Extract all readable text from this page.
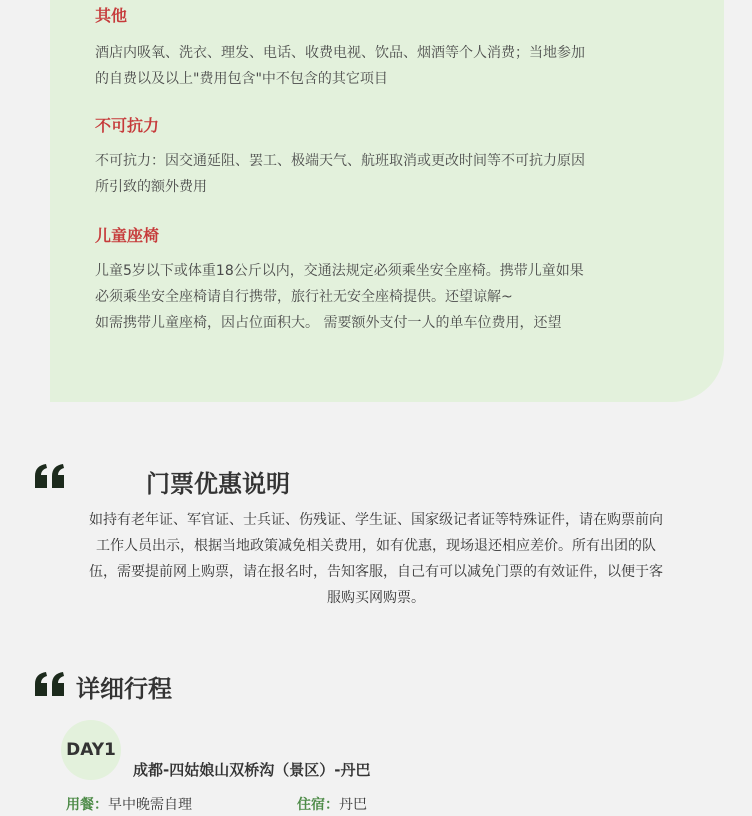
其他

酒店内吸氧、洗衣、理发、电话、收费电视、饮品、烟酒等个人消费；当地参加
的自费以及以上"费用包含"中不包含的其它项目

不可抗力

不可抗力：因交通延阻、罢工、极端天气、航班取消或更改时间等不可抗力原因
所引致的额外费用

儿童座椅

儿童5岁以下或体重18公斤以内，交通法规定必须乘坐安全座椅。携带儿童如果
必须乘坐安全座椅请自行携带，旅行社无安全座椅提供。还望谅解~
如需携带儿童座椅，因占位面积大。 需要额外支付一人的单车位费用，还望

门票优惠说明

如持有老年证、军官证、士兵证、伤残证、学生证、国家级记者证等特殊证件，请在购票前向
工作人员出示，根据当地政策减免相关费用，如有优惠，现场退还相应差价。所有出团的队
伍，需要提前网上购票，请在报名时，告知客服，自己有可以减免门票的有效证件，以便于客
服购买网购票。

详细行程
DAY1
成都-四姑娘山双桥沟（景区）-丹巴
用餐：早中晚需自理	住宿：丹巴
